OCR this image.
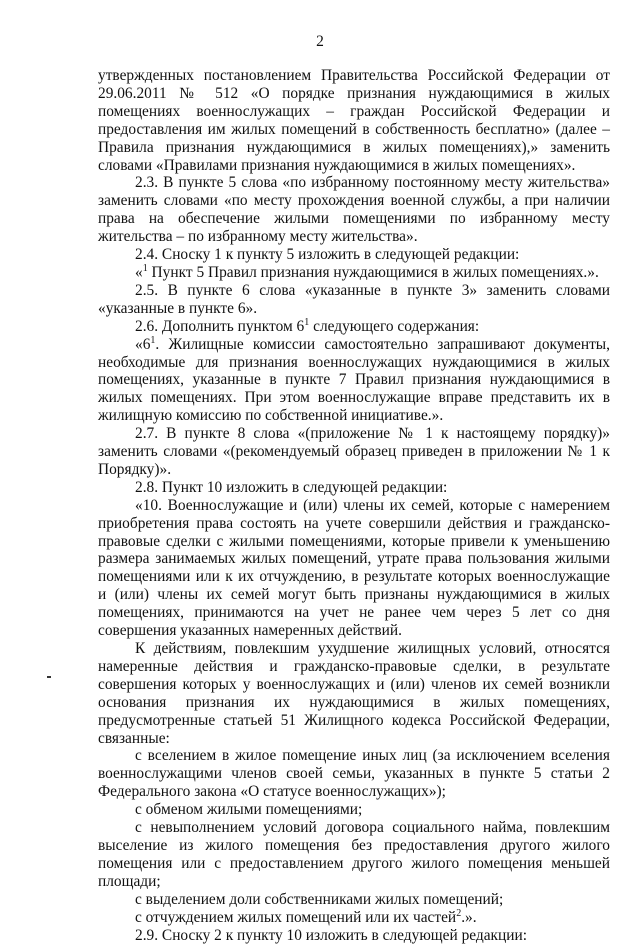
2

утвержденных постановлением Правительства Российской Федерации от 29.06.2011 № 512 «О порядке признания нуждающимися в жилых помещениях военнослужащих – граждан Российской Федерации и предоставления им жилых помещений в собственность бесплатно» (далее – Правила признания нуждающимися в жилых помещениях),» заменить словами «Правилами признания нуждающимися в жилых помещениях».

2.3. В пункте 5 слова «по избранному постоянному месту жительства» заменить словами «по месту прохождения военной службы, а при наличии права на обеспечение жилыми помещениями по избранному месту жительства – по избранному месту жительства».

2.4. Сноску 1 к пункту 5 изложить в следующей редакции:

«$^1$ Пункт 5 Правил признания нуждающимися в жилых помещениях.».

2.5. В пункте 6 слова «указанные в пункте 3» заменить словами «указанные в пункте 6».

2.6. Дополнить пунктом $6^1$ следующего содержания:

«$6^1$. Жилищные комиссии самостоятельно запрашивают документы, необходимые для признания военнослужащих нуждающимися в жилых помещениях, указанные в пункте 7 Правил признания нуждающимися в жилых помещениях. При этом военнослужащие вправе представить их в жилищную комиссию по собственной инициативе.».

2.7. В пункте 8 слова «(приложение № 1 к настоящему порядку)» заменить словами «(рекомендуемый образец приведен в приложении № 1 к Порядку)».

2.8. Пункт 10 изложить в следующей редакции:

«10. Военнослужащие и (или) члены их семей, которые с намерением приобретения права состоять на учете совершили действия и гражданско-правовые сделки с жилыми помещениями, которые привели к уменьшению размера занимаемых жилых помещений, утрате права пользования жилыми помещениями или к их отчуждению, в результате которых военнослужащие и (или) члены их семей могут быть признаны нуждающимися в жилых помещениях, принимаются на учет не ранее чем через 5 лет со дня совершения указанных намеренных действий.

К действиям, повлекшим ухудшение жилищных условий, относятся намеренные действия и гражданско-правовые сделки, в результате совершения которых у военнослужащих и (или) членов их семей возникли основания признания их нуждающимися в жилых помещениях, предусмотренные статьей 51 Жилищного кодекса Российской Федерации, связанные:

с вселением в жилое помещение иных лиц (за исключением вселения военнослужащими членов своей семьи, указанных в пункте 5 статьи 2 Федерального закона «О статусе военнослужащих»);

с обменом жилыми помещениями;

с невыполнением условий договора социального найма, повлекшим выселение из жилого помещения без предоставления другого жилого помещения или с предоставлением другого жилого помещения меньшей площади;

с выделением доли собственниками жилых помещений;

с отчуждением жилых помещений или их частей$^2$.».

2.9. Сноску 2 к пункту 10 изложить в следующей редакции:
